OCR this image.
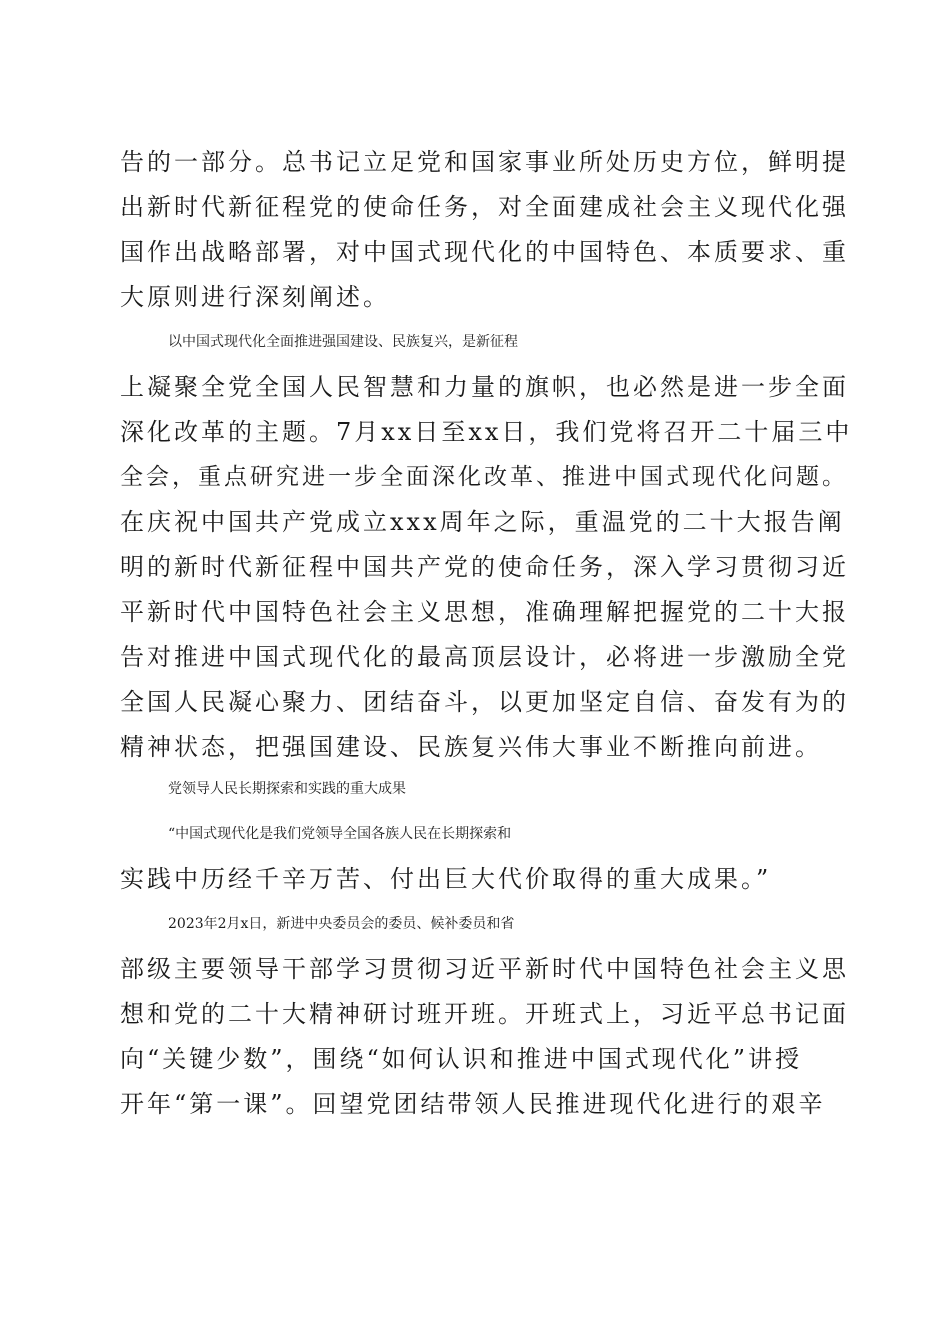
告的一部分。总书记立足党和国家事业所处历史方位，鲜明提
出新时代新征程党的使命任务，对全面建成社会主义现代化强
国作出战略部署，对中国式现代化的中国特色、本质要求、重
大原则进行深刻阐述。
以中国式现代化全面推进强国建设、民族复兴，是新征程
上凝聚全党全国人民智慧和力量的旗帜，也必然是进一步全面
深化改革的主题。7月xx日至xx日，我们党将召开二十届三中
全会，重点研究进一步全面深化改革、推进中国式现代化问题。
在庆祝中国共产党成立xxx周年之际，重温党的二十大报告阐
明的新时代新征程中国共产党的使命任务，深入学习贯彻习近
平新时代中国特色社会主义思想，准确理解把握党的二十大报
告对推进中国式现代化的最高顶层设计，必将进一步激励全党
全国人民凝心聚力、团结奋斗，以更加坚定自信、奋发有为的
精神状态，把强国建设、民族复兴伟大事业不断推向前进。
党领导人民长期探索和实践的重大成果
“中国式现代化是我们党领导全国各族人民在长期探索和
实践中历经千辛万苦、付出巨大代价取得的重大成果。”
2023年2月x日，新进中央委员会的委员、候补委员和省
部级主要领导干部学习贯彻习近平新时代中国特色社会主义思
想和党的二十大精神研讨班开班。开班式上，习近平总书记面
向“关键少数”，围绕“如何认识和推进中国式现代化”讲授
开年“第一课”。回望党团结带领人民推进现代化进行的艰辛
